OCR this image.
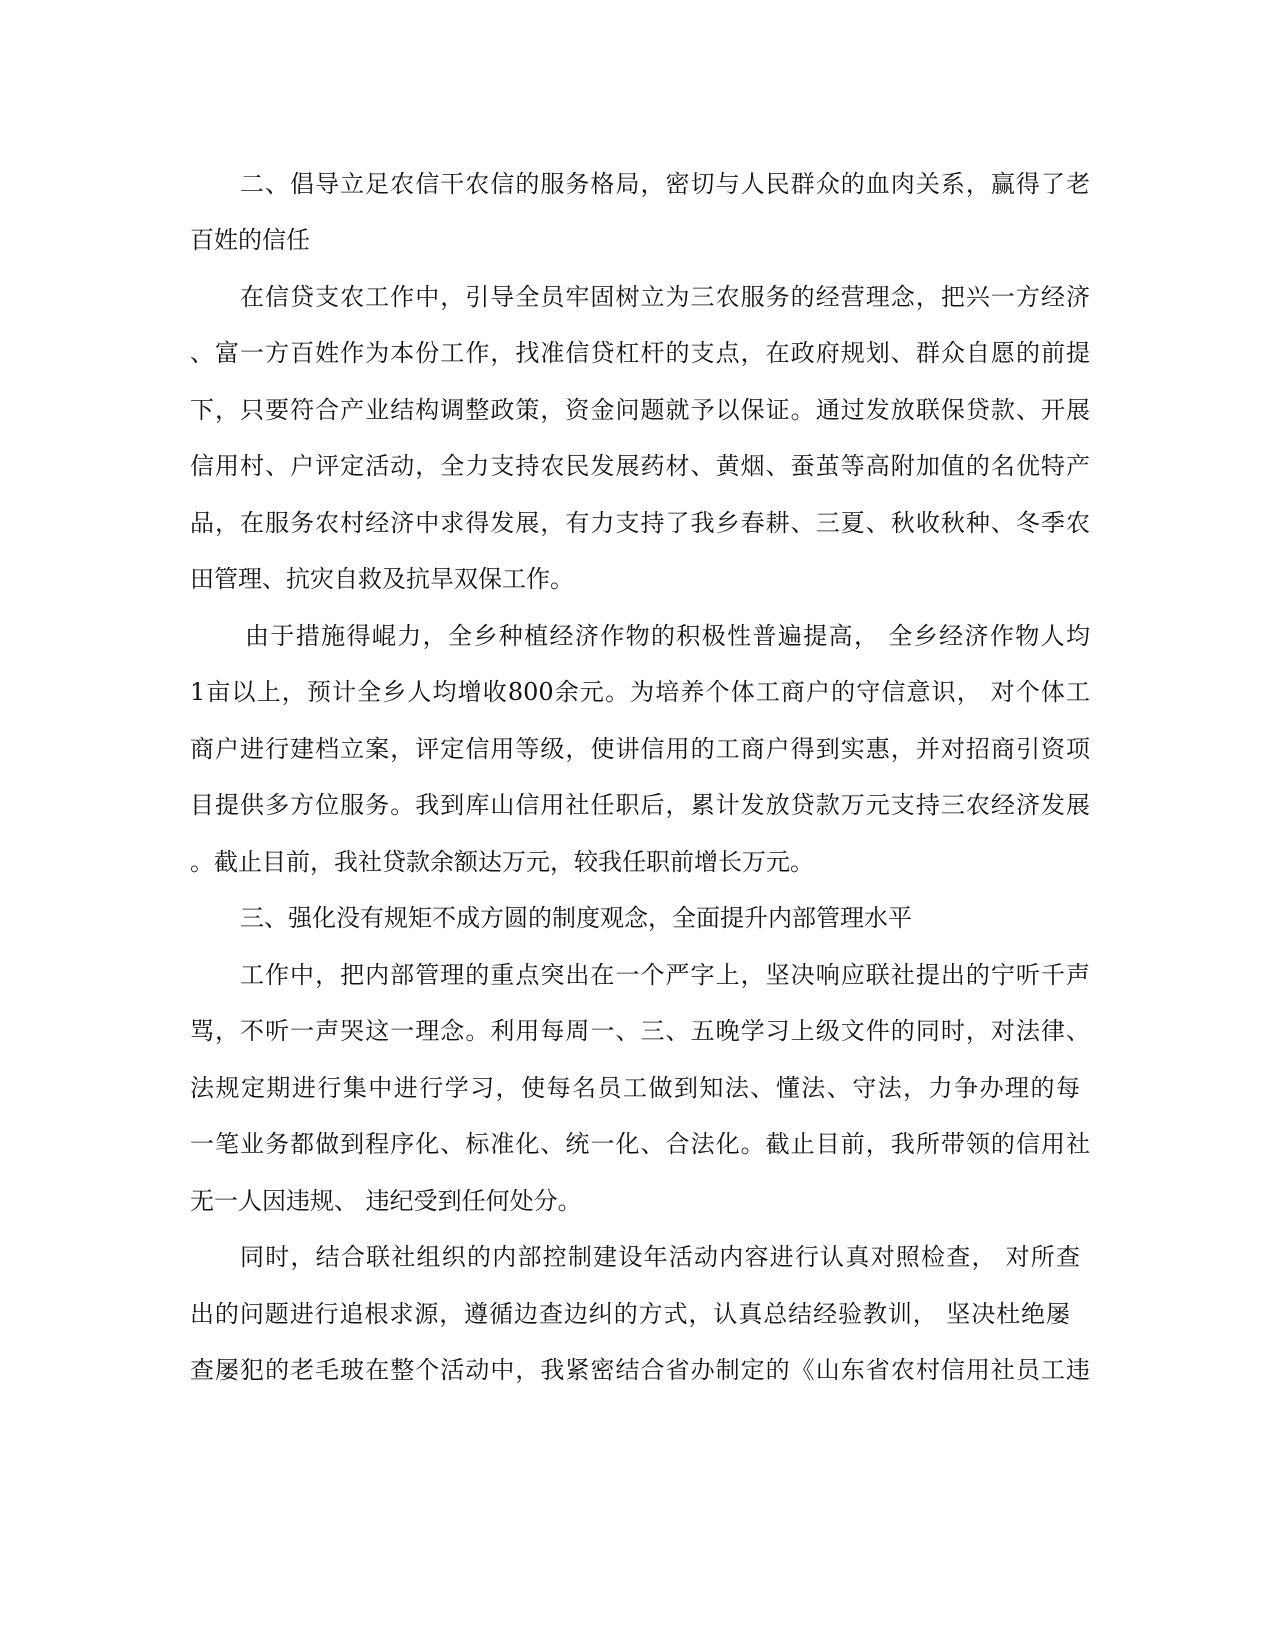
二、倡导立足农信干农信的服务格局，密切与人民群众的血肉关系，赢得了老

百姓的信任

在信贷支农工作中，引导全员牢固树立为三农服务的经营理念，把兴一方经济

、富一方百姓作为本份工作，找准信贷杠杆的支点，在政府规划、群众自愿的前提

下，只要符合产业结构调整政策，资金问题就予以保证。通过发放联保贷款、开展

信用村、户评定活动，全力支持农民发展药材、黄烟、蚕茧等高附加值的名优特产

品，在服务农村经济中求得发展，有力支持了我乡春耕、三夏、秋收秋种、冬季农

田管理、抗灾自救及抗旱双保工作。

由于措施得崐力，全乡种植经济作物的积极性普遍提高， 全乡经济作物人均

1亩以上，预计全乡人均增收800余元。为培养个体工商户的守信意识， 对个体工

商户进行建档立案，评定信用等级，使讲信用的工商户得到实惠，并对招商引资项

目提供多方位服务。我到库山信用社任职后，累计发放贷款万元支持三农经济发展

。截止目前，我社贷款余额达万元，较我任职前增长万元。

三、强化没有规矩不成方圆的制度观念，全面提升内部管理水平

工作中，把内部管理的重点突出在一个严字上，坚决响应联社提出的宁听千声

骂，不听一声哭这一理念。利用每周一、三、五晚学习上级文件的同时，对法律、

法规定期进行集中进行学习，使每名员工做到知法、懂法、守法，力争办理的每

一笔业务都做到程序化、标准化、统一化、合法化。截止目前，我所带领的信用社

无一人因违规、 违纪受到任何处分。

同时，结合联社组织的内部控制建设年活动内容进行认真对照检查， 对所查

出的问题进行追根求源，遵循边查边纠的方式，认真总结经验教训， 坚决杜绝屡

查屡犯的老毛玻在整个活动中，我紧密结合省办制定的《山东省农村信用社员工违
